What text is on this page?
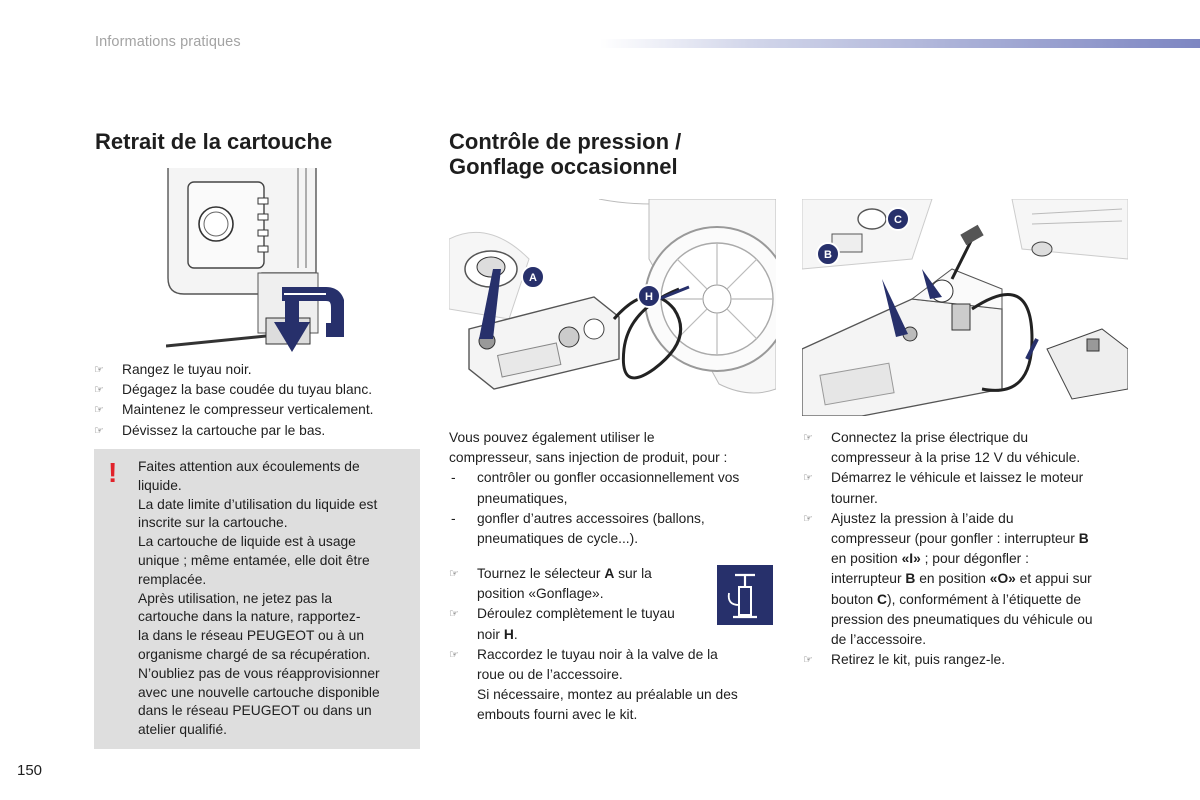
Informations pratiques
Retrait de la cartouche
☞ Rangez le tuyau noir.
☞ Dégagez la base coudée du tuyau blanc.
☞ Maintenez le compresseur verticalement.
☞ Dévissez la cartouche par le bas.
! Faites attention aux écoulements de
liquide.
La date limite d’utilisation du liquide est
inscrite sur la cartouche.
La cartouche de liquide est à usage
unique ; même entamée, elle doit être
remplacée.
Après utilisation, ne jetez pas la
cartouche dans la nature, rapportez-
la dans le réseau PEUGEOT ou à un
organisme chargé de sa récupération.
N’oubliez pas de vous réapprovisionner
avec une nouvelle cartouche disponible
dans le réseau PEUGEOT ou dans un
atelier qualifié.
150
Contrôle de pression /
Gonflage occasionnel
A
H

Vous pouvez également utiliser le

compresseur, sans injection de produit, pour :

- contrôler ou gonfler occasionnellement vos
pneumatiques,
- gonfler d’autres accessoires (ballons,
pneumatiques de cycle...).
☞ Tournez le sélecteur A sur la
position «Gonflage».
☞ Déroulez complètement le tuyau
noir H.
☞ Raccordez le tuyau noir à la valve de la
roue ou de l’accessoire.
Si nécessaire, montez au préalable un des
embouts fourni avec le kit.
B
C
☞ Connectez la prise électrique du
compresseur à la prise 12 V du véhicule.
☞ Démarrez le véhicule et laissez le moteur
tourner.
☞ Ajustez la pression à l’aide du
compresseur (pour gonfler : interrupteur B
en position «I» ; pour dégonfler :
interrupteur B en position «O» et appui sur
bouton C), conformément à l’étiquette de
pression des pneumatiques du véhicule ou
de l’accessoire.
☞ Retirez le kit, puis rangez-le.
